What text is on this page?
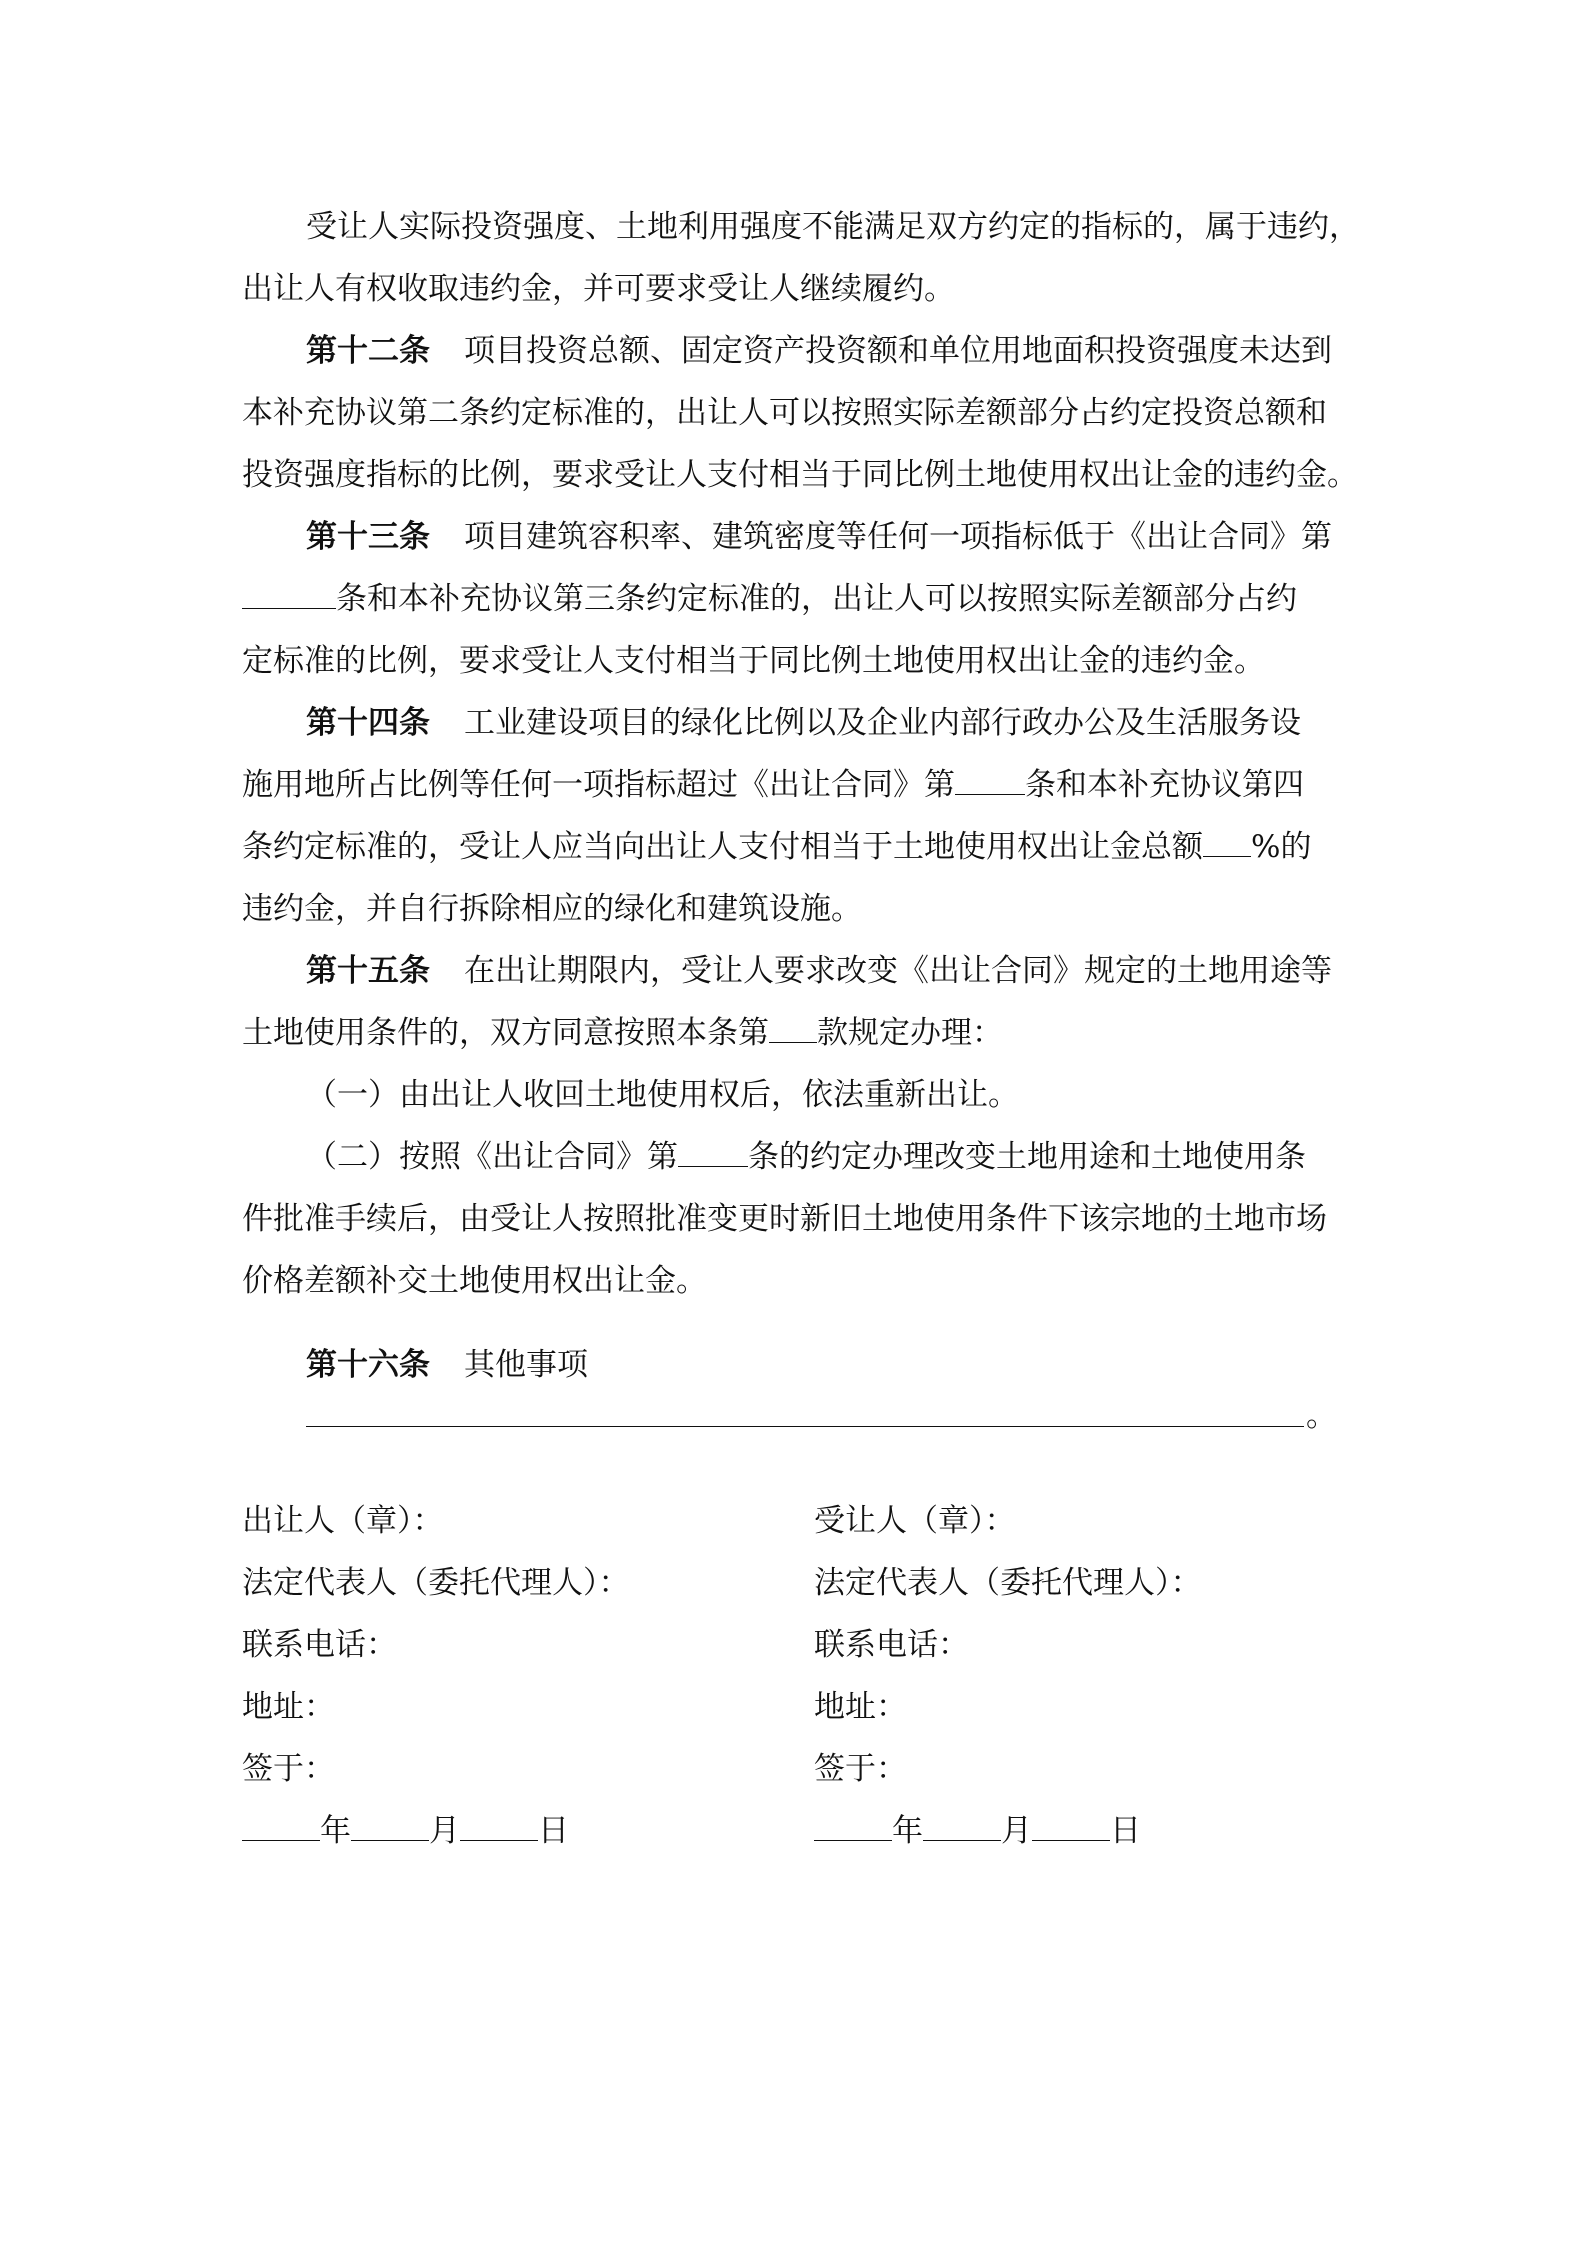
受让人实际投资强度、土地利用强度不能满足双方约定的指标的，属于违约，

出让人有权收取违约金，并可要求受让人继续履约。

第十二条 项目投资总额、固定资产投资额和单位用地面积投资强度未达到

本补充协议第二条约定标准的，出让人可以按照实际差额部分占约定投资总额和

投资强度指标的比例，要求受让人支付相当于同比例土地使用权出让金的违约金。

第十三条 项目建筑容积率、建筑密度等任何一项指标低于《出让合同》第

条和本补充协议第三条约定标准的，出让人可以按照实际差额部分占约

定标准的比例，要求受让人支付相当于同比例土地使用权出让金的违约金。

第十四条 工业建设项目的绿化比例以及企业内部行政办公及生活服务设

施用地所占比例等任何一项指标超过《出让合同》第 条和本补充协议第四

条约定标准的，受让人应当向出让人支付相当于土地使用权出让金总额 %的

违约金，并自行拆除相应的绿化和建筑设施。

第十五条 在出让期限内，受让人要求改变《出让合同》规定的土地用途等

土地使用条件的，双方同意按照本条第 款规定办理：

（一）由出让人收回土地使用权后，依法重新出让。

（二）按照《出让合同》第 条的约定办理改变土地用途和土地使用条

件批准手续后，由受让人按照批准变更时新旧土地使用条件下该宗地的土地市场

价格差额补交土地使用权出让金。

第十六条 其他事项

。
出让人（章）：
法定代表人（委托代理人）：
联系电话：
地址：
签于：
年	月	日
受让人（章）：
法定代表人（委托代理人）：
联系电话：
地址：
签于：
年	月	日
